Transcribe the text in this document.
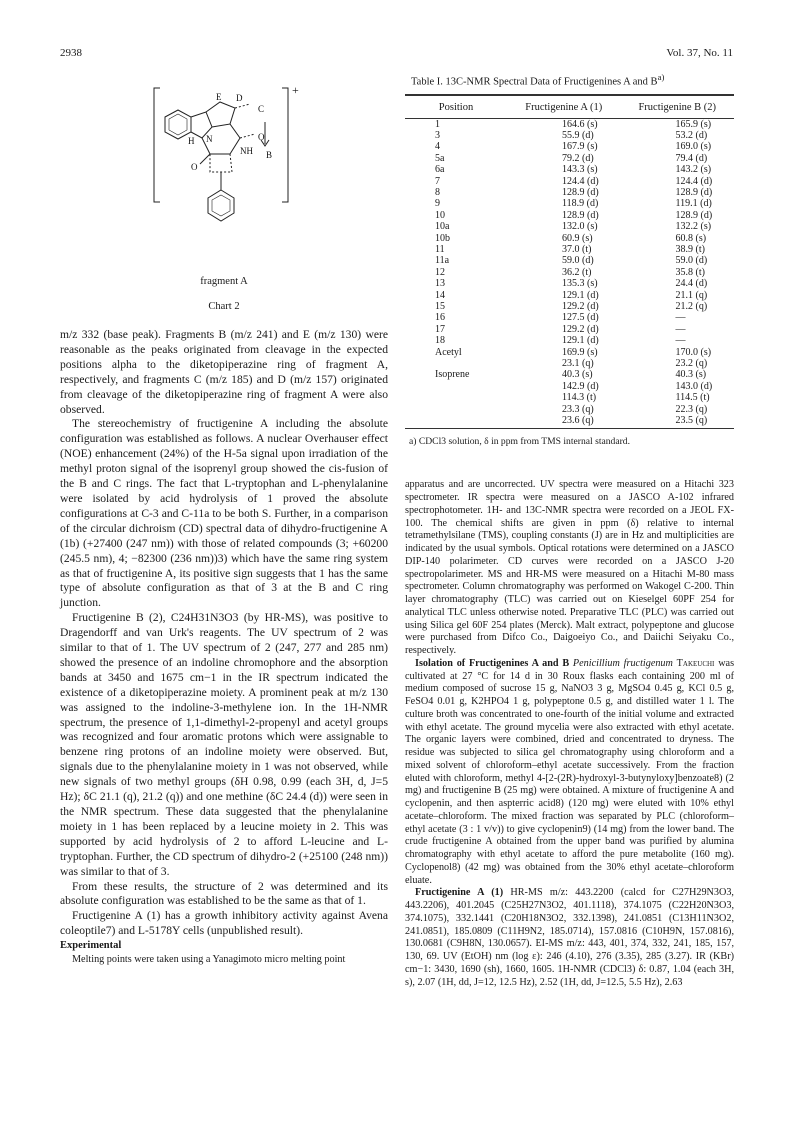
2938	Vol. 37, No. 11
E D
C
B
+
NH
H	O
O
N
fragment A
Chart 2

m/z 332 (base peak). Fragments B (m/z 241) and E (m/z 130) were reasonable as the peaks originated from cleavage in the expected positions alpha to the diketopiperazine ring of fragment A, respectively, and fragments C (m/z 185) and D (m/z 157) originated from cleavage of the diketopiperazine ring of fragment A were also observed.

The stereochemistry of fructigenine A including the absolute configuration was established as follows. A nuclear Overhauser effect (NOE) enhancement (24%) of the H-5a signal upon irradiation of the methyl proton signal of the isoprenyl group showed the cis-fusion of the B and C rings. The fact that L-tryptophan and L-phenylalanine were isolated by acid hydrolysis of 1 proved the absolute configurations at C-3 and C-11a to be both S. Further, in a comparison of the circular dichroism (CD) spectral data of dihydro-fructigenine A (1b) (+27400 (247 nm)) with those of related compounds (3; +60200 (245.5 nm), 4; −82300 (236 nm))3) which have the same ring system as that of fructigenine A, its positive sign suggests that 1 has the same type of absolute configuration as that of 3 at the B and C ring junction.

Fructigenine B (2), C24H31N3O3 (by HR-MS), was positive to Dragendorff and van Urk's reagents. The UV spectrum of 2 was similar to that of 1. The UV spectrum of 2 (247, 277 and 285 nm) showed the presence of an indoline chromophore and the absorption bands at 3450 and 1675 cm−1 in the IR spectrum indicated the existence of a diketopiperazine moiety. A prominent peak at m/z 130 was assigned to the indoline-3-methylene ion. In the 1H-NMR spectrum, the presence of 1,1-dimethyl-2-propenyl and acetyl groups was recognized and four aromatic protons which were assignable to benzene ring protons of an indoline moiety were observed. But, signals due to the phenylalanine moiety in 1 was not observed, while new signals of two methyl groups (δH 0.98, 0.99 (each 3H, d, J=5 Hz); δC 21.1 (q), 21.2 (q)) and one methine (δC 24.4 (d)) were seen in the NMR spectrum. These data suggested that the phenylalanine moiety in 1 has been replaced by a leucine moiety in 2. This was supported by acid hydrolysis of 2 to afford L-leucine and L-tryptophan. Further, the CD spectrum of dihydro-2 (+25100 (248 nm)) was similar to that of 3.

From these results, the structure of 2 was determined and its absolute configuration was established to be the same as that of 1.

Fructigenine A (1) has a growth inhibitory activity against Avena coleoptile7) and L-5178Y cells (unpublished result).

Experimental

Melting points were taken using a Yanagimoto micro melting point

Table I. 13C-NMR Spectral Data of Fructigenines A and $B^{a)}$
Position	Fructigenine A (1)	Fructigenine B (2)
1	164.6 (s)	165.9 (s)
3	55.9 (d)	53.2 (d)
4	167.9 (s)	169.0 (s)
5a	79.2 (d)	79.4 (d)
6a	143.3 (s)	143.2 (s)
7	124.4 (d)	124.4 (d)
8	128.9 (d)	128.9 (d)
9	118.9 (d)	119.1 (d)
10	128.9 (d)	128.9 (d)
10a	132.0 (s)	132.2 (s)
10b	60.9 (s)	60.8 (s)
11	37.0 (t)	38.9 (t)
11a	59.0 (d)	59.0 (d)
12	36.2 (t)	35.8 (t)
13	135.3 (s)	24.4 (d)
14	129.1 (d)	21.1 (q)
15	129.2 (d)	21.2 (q)
16	127.5 (d)	—
17	129.2 (d)	—
18	129.1 (d)	—
Acetyl	169.9 (s)	170.0 (s)
	23.1 (q)	23.2 (q)
Isoprene	40.3 (s)	40.3 (s)
	142.9 (d)	143.0 (d)
	114.3 (t)	114.5 (t)
	23.3 (q)	22.3 (q)
	23.6 (q)	23.5 (q)
a) CDCl3 solution, δ in ppm from TMS internal standard.

apparatus and are uncorrected. UV spectra were measured on a Hitachi 323 spectrometer. IR spectra were measured on a JASCO A-102 infrared spectrophotometer. 1H- and 13C-NMR spectra were recorded on a JEOL FX-100. The chemical shifts are given in ppm (δ) relative to internal tetramethylsilane (TMS), coupling constants (J) are in Hz and multiplicities are indicated by the usual symbols. Optical rotations were determined on a JASCO DIP-140 polarimeter. CD curves were recorded on a JASCO J-20 spectropolarimeter. MS and HR-MS were measured on a Hitachi M-80 mass spectrometer. Column chromatography was performed on Wakogel C-200. Thin layer chromatography (TLC) was carried out on Kieselgel 60PF 254 for analytical TLC unless otherwise noted. Preparative TLC (PLC) was carried out using Silica gel 60F 254 plates (Merck). Malt extract, polypeptone and glucose were purchased from Difco Co., Daigoeiyo Co., and Daiichi Seiyaku Co., respectively.

Isolation of Fructigenines A and B Penicillium fructigenum Takeuchi was cultivated at 27 °C for 14 d in 30 Roux flasks each containing 200 ml of medium composed of sucrose 15 g, NaNO3 3 g, MgSO4 0.45 g, KCl 0.5 g, FeSO4 0.01 g, K2HPO4 1 g, polypeptone 0.5 g, and distilled water 1 l. The culture broth was concentrated to one-fourth of the initial volume and extracted with ethyl acetate. The ground mycelia were also extracted with ethyl acetate. The organic layers were combined, dried and concentrated to dryness. The residue was subjected to silica gel chromatography using chloroform and a mixed solvent of chloroform–ethyl acetate successively. From the fraction eluted with chloroform, methyl 4-[2-(2R)-hydroxyl-3-butynyloxy]benzoate8) (2 mg) and fructigenine B (25 mg) were obtained. A mixture of fructigenine A and cyclopenin, and then aspterric acid8) (120 mg) were eluted with 10% ethyl acetate–chloroform. The mixed fraction was separated by PLC (chloroform–ethyl acetate (3 : 1 v/v)) to give cyclopenin9) (14 mg) from the lower band. The crude fructigenine A obtained from the upper band was purified by alumina chromatography with ethyl acetate to afford the pure metabolite (160 mg). Cyclopenol8) (42 mg) was obtained from the 30% ethyl acetate–chloroform eluate.

Fructigenine A (1) HR-MS m/z: 443.2200 (calcd for C27H29N3O3, 443.2206), 401.2045 (C25H27N3O2, 401.1118), 374.1075 (C22H20N3O3, 374.1075), 332.1441 (C20H18N3O2, 332.1398), 241.0851 (C13H11N3O2, 241.0851), 185.0809 (C11H9N2, 185.0714), 157.0816 (C10H9N, 157.0816), 130.0681 (C9H8N, 130.0657). EI-MS m/z: 443, 401, 374, 332, 241, 185, 157, 130, 69. UV (EtOH) nm (log ε): 246 (4.10), 276 (3.35), 285 (3.27). IR (KBr) cm−1: 3430, 1690 (sh), 1660, 1605. 1H-NMR (CDCl3) δ: 0.87, 1.04 (each 3H, s), 2.07 (1H, dd, J=12, 12.5 Hz), 2.52 (1H, dd, J=12.5, 5.5 Hz), 2.63
